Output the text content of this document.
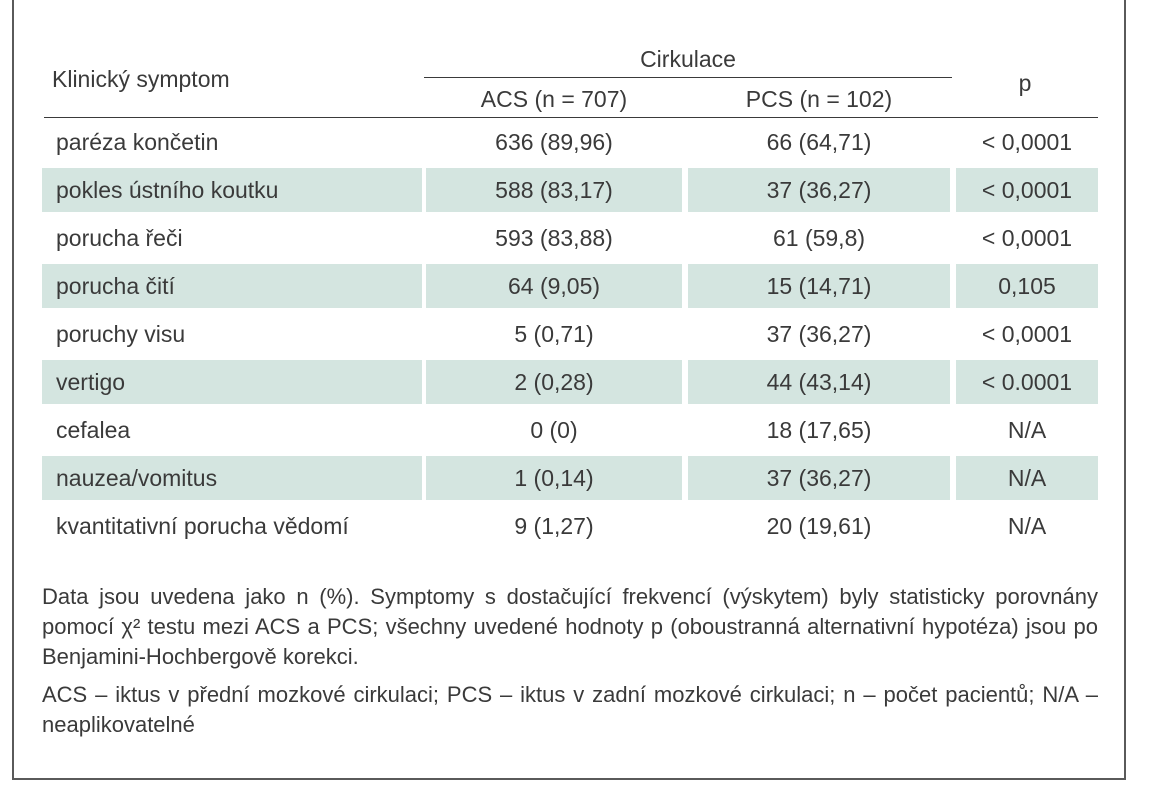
Klinický symptom
Cirkulace
ACS (n = 707)	PCS (n = 102)
p
paréza končetin	636 (89,96)	66 (64,71)	< 0,0001
pokles ústního koutku	588 (83,17)	37 (36,27)	< 0,0001
porucha řeči	593 (83,88)	61 (59,8)	< 0,0001
porucha čití	64 (9,05)	15 (14,71)	0,105
poruchy visu	5 (0,71)	37 (36,27)	< 0,0001
vertigo	2 (0,28)	44 (43,14)	< 0.0001
cefalea	0 (0)	18 (17,65)	N/A
nauzea/vomitus	1 (0,14)	37 (36,27)	N/A
kvantitativní porucha vědomí	9 (1,27)	20 (19,61)	N/A

Data jsou uvedena jako n (%). Symptomy s dostačující frekvencí (výskytem) byly statisticky porovnány pomocí χ² testu mezi ACS a PCS; všechny uvedené hodnoty p (oboustranná alternativní hypotéza) jsou po Benjamini-Hochbergově korekci.

ACS – iktus v přední mozkové cirkulaci; PCS – iktus v zadní mozkové cirkulaci; n – počet pacientů; N/A – neaplikovatelné
